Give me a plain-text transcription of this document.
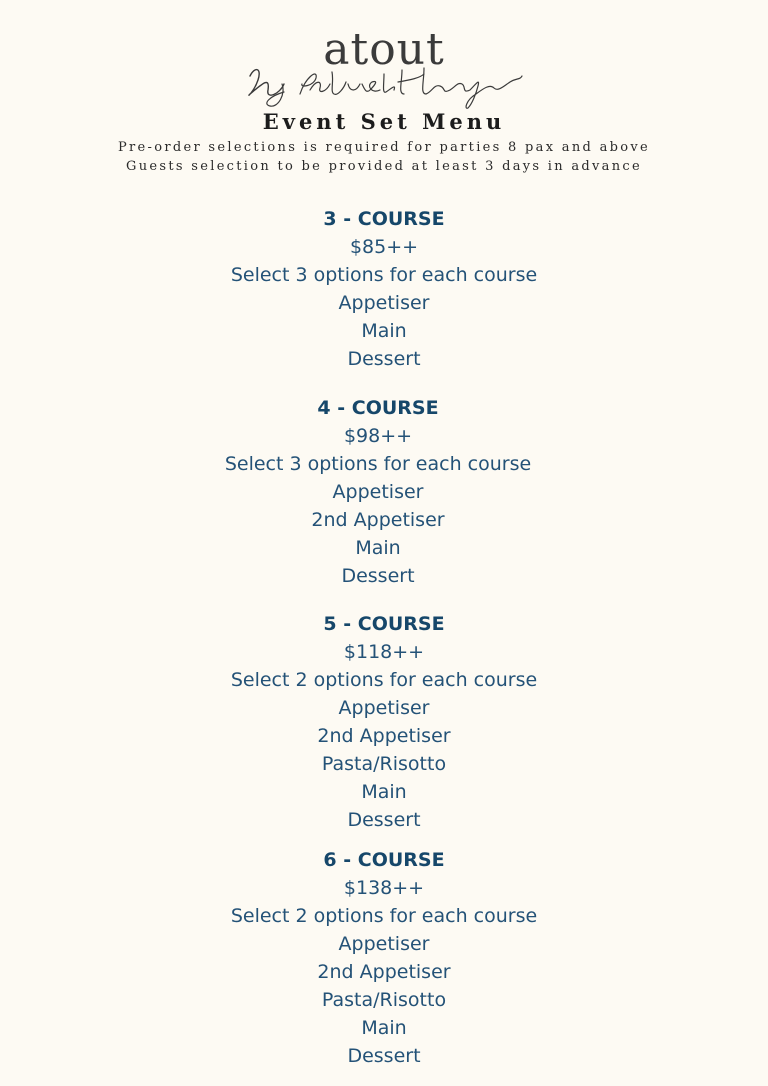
atout
Event Set Menu
Pre-order selections is required for parties 8 pax and above
Guests selection to be provided at least 3 days in advance
3 - COURSE
$85++
Select 3 options for each course
Appetiser
Main
Dessert
4 - COURSE
$98++
Select 3 options for each course
Appetiser
2nd Appetiser
Main
Dessert
5 - COURSE
$118++
Select 2 options for each course
Appetiser
2nd Appetiser
Pasta/Risotto
Main
Dessert
6 - COURSE
$138++
Select 2 options for each course
Appetiser
2nd Appetiser
Pasta/Risotto
Main
Dessert
